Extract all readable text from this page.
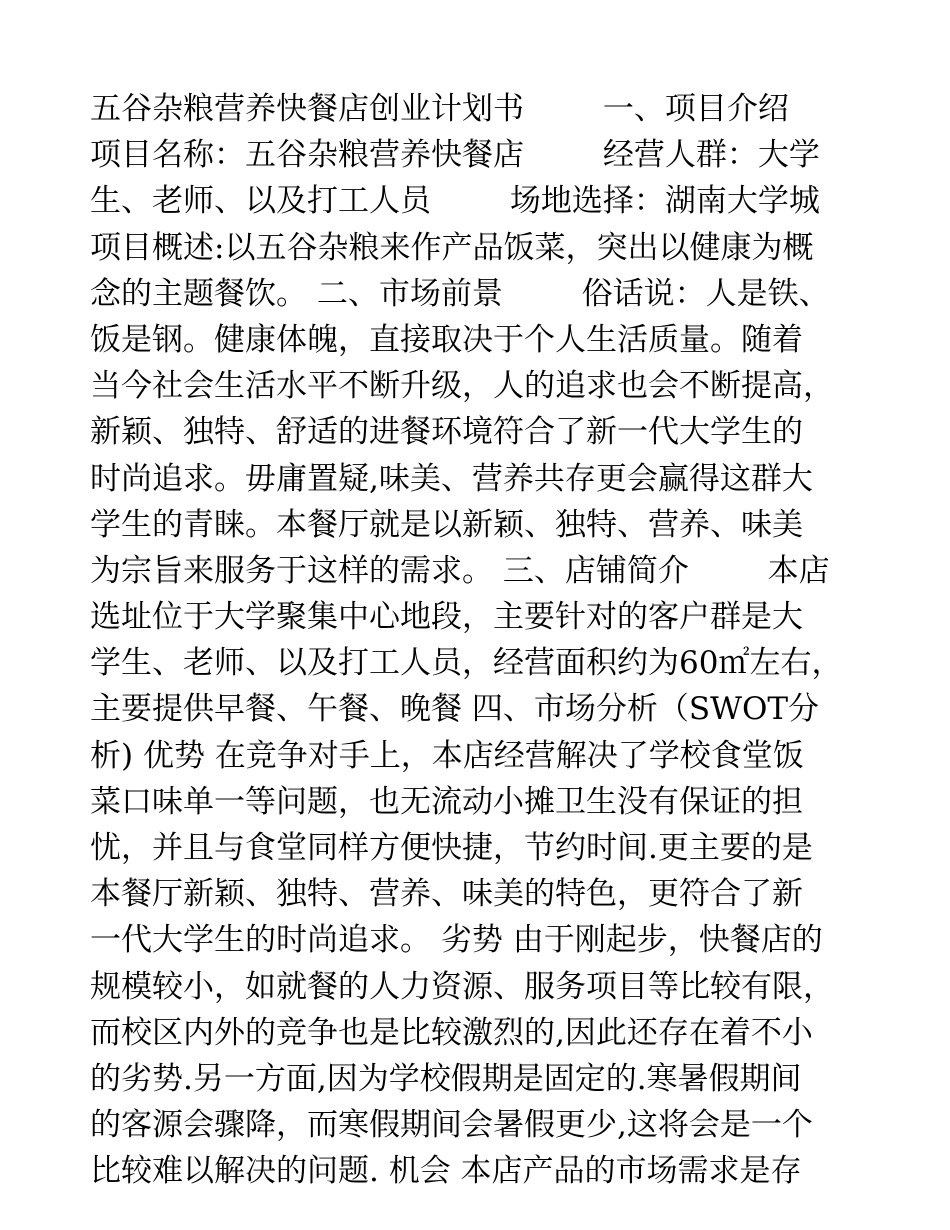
五谷杂粮营养快餐店创业计划书        一、项目介绍
项目名称：五谷杂粮营养快餐店        经营人群：大学
生、老师、以及打工人员        场地选择：湖南大学城
项目概述:以五谷杂粮来作产品饭菜，突出以健康为概
念的主题餐饮。 二、市场前景        俗话说：人是铁、
饭是钢。健康体魄，直接取决于个人生活质量。随着
当今社会生活水平不断升级，人的追求也会不断提高，
新颖、独特、舒适的进餐环境符合了新一代大学生的
时尚追求。毋庸置疑,味美、营养共存更会赢得这群大
学生的青睐。本餐厅就是以新颖、独特、营养、味美
为宗旨来服务于这样的需求。 三、店铺简介        本店
选址位于大学聚集中心地段，主要针对的客户群是大
学生、老师、以及打工人员，经营面积约为60㎡左右，
主要提供早餐、午餐、晚餐 四、市场分析（SWOT分
析) 优势 在竞争对手上，本店经营解决了学校食堂饭
菜口味单一等问题，也无流动小摊卫生没有保证的担
忧，并且与食堂同样方便快捷，节约时间.更主要的是
本餐厅新颖、独特、营养、味美的特色，更符合了新
一代大学生的时尚追求。 劣势 由于刚起步，快餐店的
规模较小，如就餐的人力资源、服务项目等比较有限，
而校区内外的竞争也是比较激烈的,因此还存在着不小
的劣势.另一方面,因为学校假期是固定的.寒暑假期间
的客源会骤降，而寒假期间会暑假更少,这将会是一个
比较难以解决的问题. 机会 本店产品的市场需求是存
